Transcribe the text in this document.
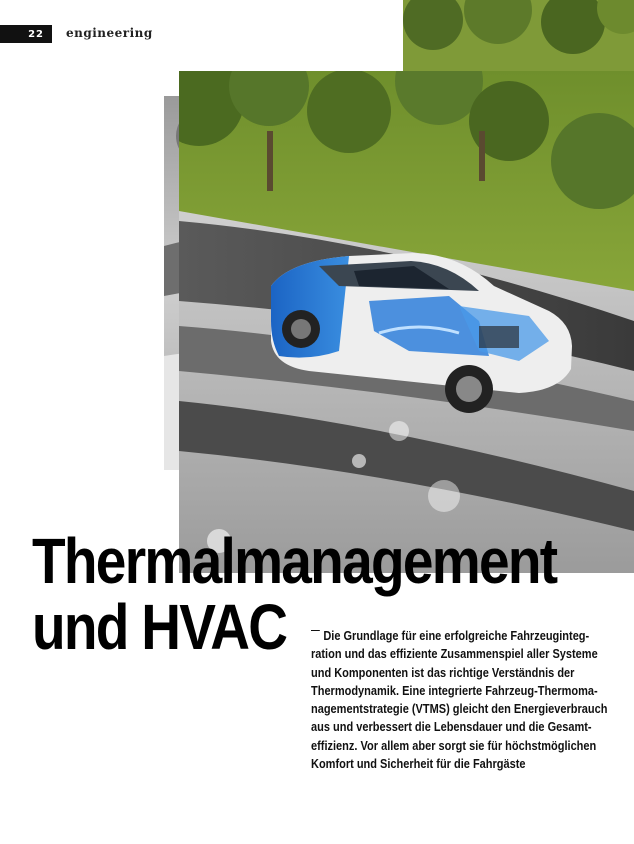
22 engineering
Thermalmanagement
und HVAC	Die Grundlage für eine erfolgreiche Fahrzeuginteg-
ration und das effiziente Zusammenspiel aller Systeme
und Komponenten ist das richtige Verständnis der
Thermodynamik. Eine integrierte Fahrzeug-Thermoma-
nagementstrategie (VTMS) gleicht den Energieverbrauch
aus und verbessert die Lebensdauer und die Gesamt-
effizienz. Vor allem aber sorgt sie für höchstmöglichen
Komfort und Sicherheit für die Fahrgäste
